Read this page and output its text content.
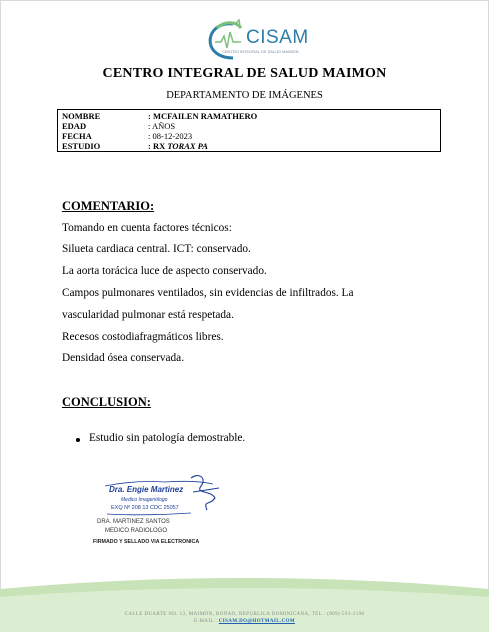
CISAM
CENTRO INTEGRAL DE SALUD MAIMON
CENTRO INTEGRAL DE SALUD MAIMON
DEPARTAMENTO DE IMÁGENES
NOMBRE	: MCFAILEN RAMATHERO
EDAD	: AÑOS
FECHA	: 08-12-2023
ESTUDIO	: RX TORAX PA
COMENTARIO:
Tomando en cuenta factores técnicos:
Silueta cardiaca central. ICT: conservado.
La aorta torácica luce de aspecto conservado.
Campos pulmonares ventilados, sin evidencias de infiltrados. La
vascularidad pulmonar está respetada.
Recesos costodiafragmáticos libres.
Densidad ósea conservada.
CONCLUSION:
Estudio sin patología demostrable.
Dra. Engie Martinez
Medico Imagenólogo
EXQ Nº 208 13 CDC 25057
DRA. MARTINEZ SANTOS
MEDICO RADIOLOGO
FIRMADO Y SELLADO VIA ELECTRONICA
CALLE DUARTE NO. 13, MAIMÓN, BONAO, REPUBLICA DOMINICANA, TEL.: (809)-591-2198
E-MAIL : CISAM.DO@HOTMAIL.COM
